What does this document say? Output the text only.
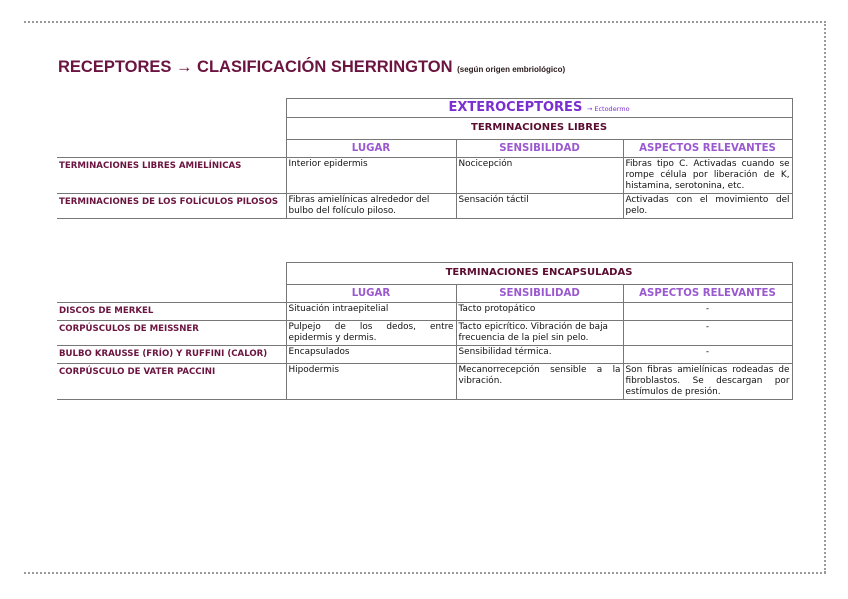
RECEPTORES → CLASIFICACIÓN SHERRINGTON (según origen embriológico)
	EXTEROCEPTORES → Ectodermo		
	TERMINACIONES LIBRES		
	LUGAR	SENSIBILIDAD	ASPECTOS RELEVANTES
TERMINACIONES LIBRES AMIELÍNICAS	Interior epidermis	Nocicepción	Fibras tipo C. Activadas cuando se rompe célula por liberación de K, histamina, serotonina, etc.
TERMINACIONES DE LOS FOLÍCULOS PILOSOS	Fibras amielínicas alrededor del bulbo del folículo piloso.	Sensación táctil	Activadas con el movimiento del pelo.
	TERMINACIONES ENCAPSULADAS		
	LUGAR	SENSIBILIDAD	ASPECTOS RELEVANTES
DISCOS DE MERKEL	Situación intraepitelial	Tacto protopático	-
CORPÚSCULOS DE MEISSNER	Pulpejo de los dedos, entre epidermis y dermis.	Tacto epicrítico. Vibración de baja frecuencia de la piel sin pelo.	-
BULBO KRAUSSE (FRÍO) Y RUFFINI (CALOR)	Encapsulados	Sensibilidad térmica.	-
CORPÚSCULO DE VATER PACCINI	Hipodermis	Mecanorrecepción sensible a la vibración.	Son fibras amielínicas rodeadas de fibroblastos. Se descargan por estímulos de presión.
